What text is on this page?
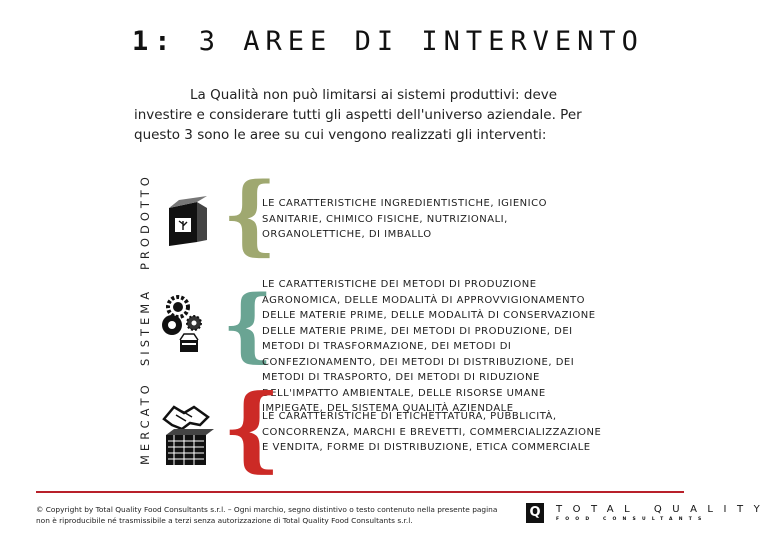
1: 3 AREE DI INTERVENTO
La Qualità non può limitarsi ai sistemi produttivi: deve investire e considerare tutti gli aspetti dell'universo aziendale. Per questo 3 sono le aree su cui vengono realizzati gli interventi:
PRODOTTO {
LE CARATTERISTICHE INGREDIENTISTICHE, IGIENICO SANITARIE, CHIMICO FISICHE, NUTRIZIONALI, ORGANOLETTICHE, DI IMBALLO
SISTEMA {
LE CARATTERISTICHE DEI METODI DI PRODUZIONE AGRONOMICA, DELLE MODALITÀ DI APPROVVIGIONAMENTO DELLE MATERIE PRIME, DELLE MODALITÀ DI CONSERVAZIONE DELLE MATERIE PRIME, DEI METODI DI PRODUZIONE, DEI METODI DI TRASFORMAZIONE, DEI METODI DI CONFEZIONAMENTO, DEI METODI DI DISTRIBUZIONE, DEI METODI DI TRASPORTO, DEI METODI DI RIDUZIONE DELL'IMPATTO AMBIENTALE, DELLE RISORSE UMANE IMPIEGATE, DEL SISTEMA QUALITÀ AZIENDALE
MERCATO {
LE CARATTERISTICHE DI ETICHETTATURA, PUBBLICITÀ, CONCORRENZA, MARCHI E BREVETTI, COMMERCIALIZZAZIONE E VENDITA, FORME DI DISTRIBUZIONE, ETICA COMMERCIALE
© Copyright by Total Quality Food Consultants s.r.l. – Ogni marchio, segno distintivo o testo contenuto nella presente pagina non è riproducibile né trasmissibile a terzi senza autorizzazione di Total Quality Food Consultants s.r.l.
Q	TOTAL QUALITY
FOOD CONSULTANTS
